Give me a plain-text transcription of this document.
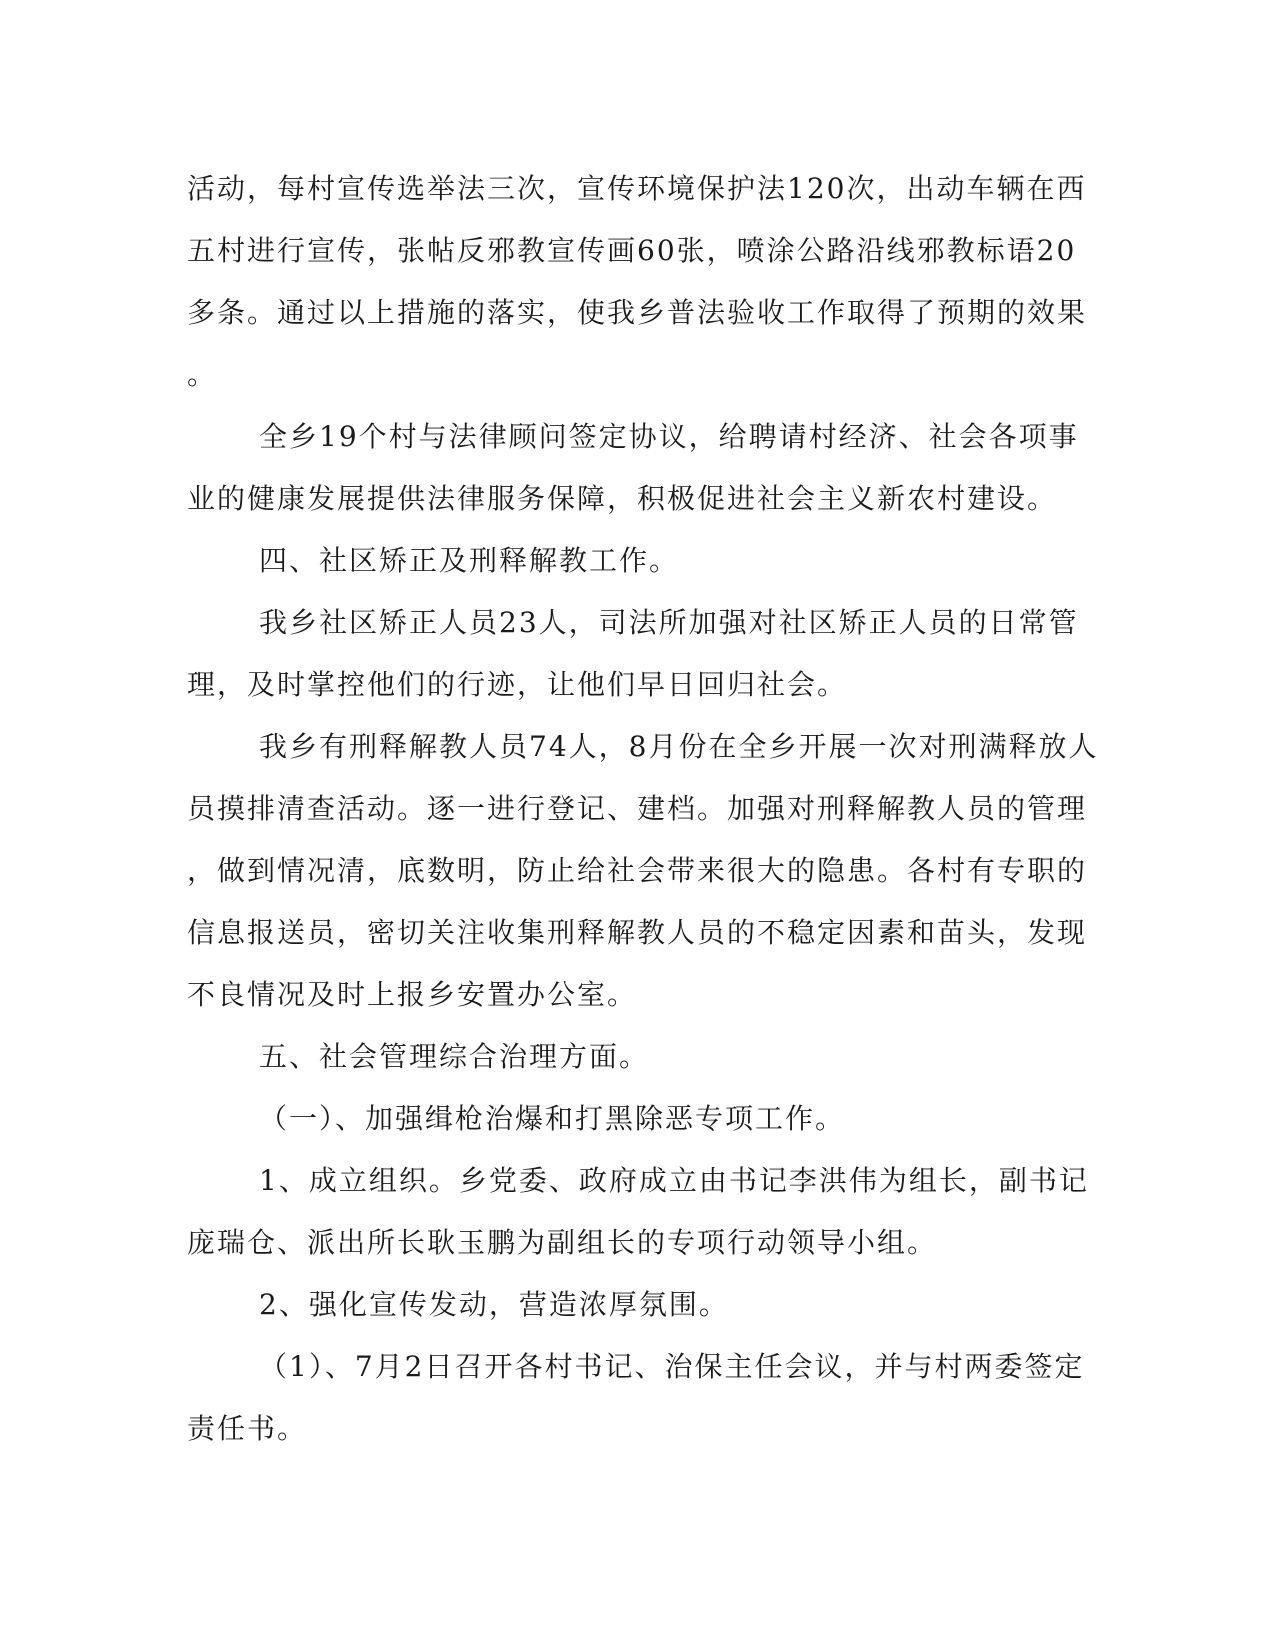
活动，每村宣传选举法三次，宣传环境保护法120次，出动车辆在西
五村进行宣传，张帖反邪教宣传画60张，喷涂公路沿线邪教标语20
多条。通过以上措施的落实，使我乡普法验收工作取得了预期的效果
。
全乡19个村与法律顾问签定协议，给聘请村经济、社会各项事
业的健康发展提供法律服务保障，积极促进社会主义新农村建设。
四、社区矫正及刑释解教工作。
我乡社区矫正人员23人，司法所加强对社区矫正人员的日常管
理，及时掌控他们的行迹，让他们早日回归社会。
我乡有刑释解教人员74人，8月份在全乡开展一次对刑满释放人
员摸排清查活动。逐一进行登记、建档。加强对刑释解教人员的管理
，做到情况清，底数明，防止给社会带来很大的隐患。各村有专职的
信息报送员，密切关注收集刑释解教人员的不稳定因素和苗头，发现
不良情况及时上报乡安置办公室。
五、社会管理综合治理方面。
（一）、加强缉枪治爆和打黑除恶专项工作。
1、成立组织。乡党委、政府成立由书记李洪伟为组长，副书记
庞瑞仓、派出所长耿玉鹏为副组长的专项行动领导小组。
2、强化宣传发动，营造浓厚氛围。
（1）、7月2日召开各村书记、治保主任会议，并与村两委签定
责任书。
